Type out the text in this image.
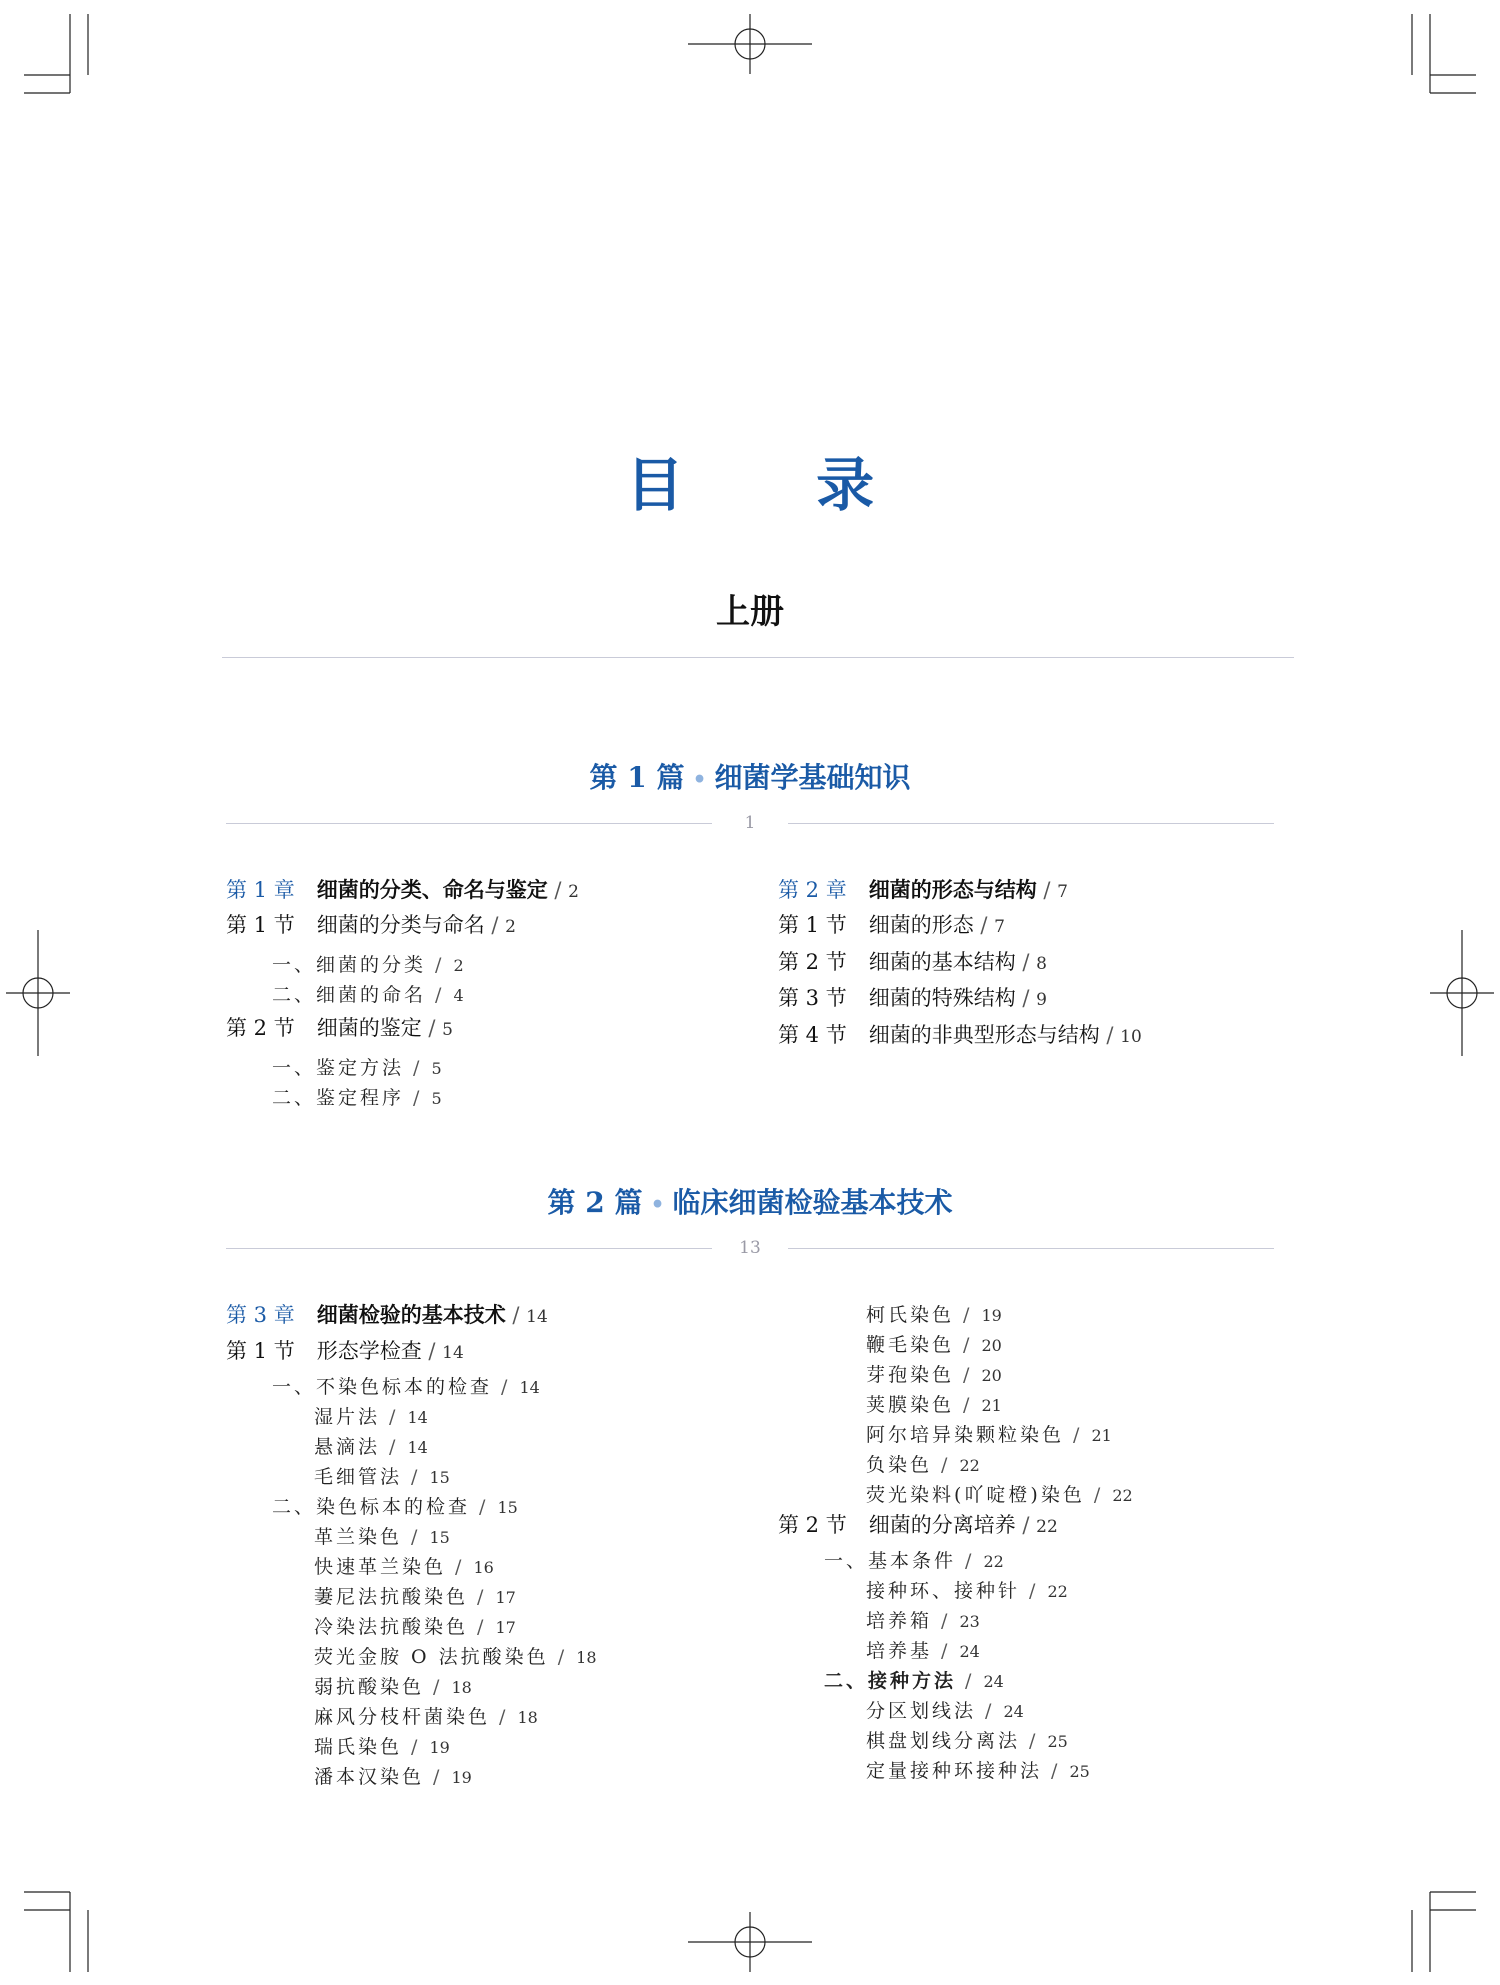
目 录
上册
第 1 篇 • 细菌学基础知识
1
第 2 篇 • 临床细菌检验基本技术
13
第 1 章 细菌的分类、命名与鉴定 / 2
第 1 节 细菌的分类与命名 / 2
一、细菌的分类 / 2
二、细菌的命名 / 4
第 2 节 细菌的鉴定 / 5
一、鉴定方法 / 5
二、鉴定程序 / 5
第 2 章 细菌的形态与结构 / 7
第 1 节 细菌的形态 / 7
第 2 节 细菌的基本结构 / 8
第 3 节 细菌的特殊结构 / 9
第 4 节 细菌的非典型形态与结构 / 10
第 3 章 细菌检验的基本技术 / 14
第 1 节 形态学检查 / 14
一、不染色标本的检查 / 14
湿片法 / 14
悬滴法 / 14
毛细管法 / 15
二、染色标本的检查 / 15
革兰染色 / 15
快速革兰染色 / 16
萋尼法抗酸染色 / 17
冷染法抗酸染色 / 17
荧光金胺 O 法抗酸染色 / 18
弱抗酸染色 / 18
麻风分枝杆菌染色 / 18
瑞氏染色 / 19
潘本汉染色 / 19
柯氏染色 / 19
鞭毛染色 / 20
芽孢染色 / 20
荚膜染色 / 21
阿尔培异染颗粒染色 / 21
负染色 / 22
荧光染料(吖啶橙)染色 / 22
第 2 节 细菌的分离培养 / 22
一、基本条件 / 22
接种环、接种针 / 22
培养箱 / 23
培养基 / 24
二、接种方法 / 24
分区划线法 / 24
棋盘划线分离法 / 25
定量接种环接种法 / 25
